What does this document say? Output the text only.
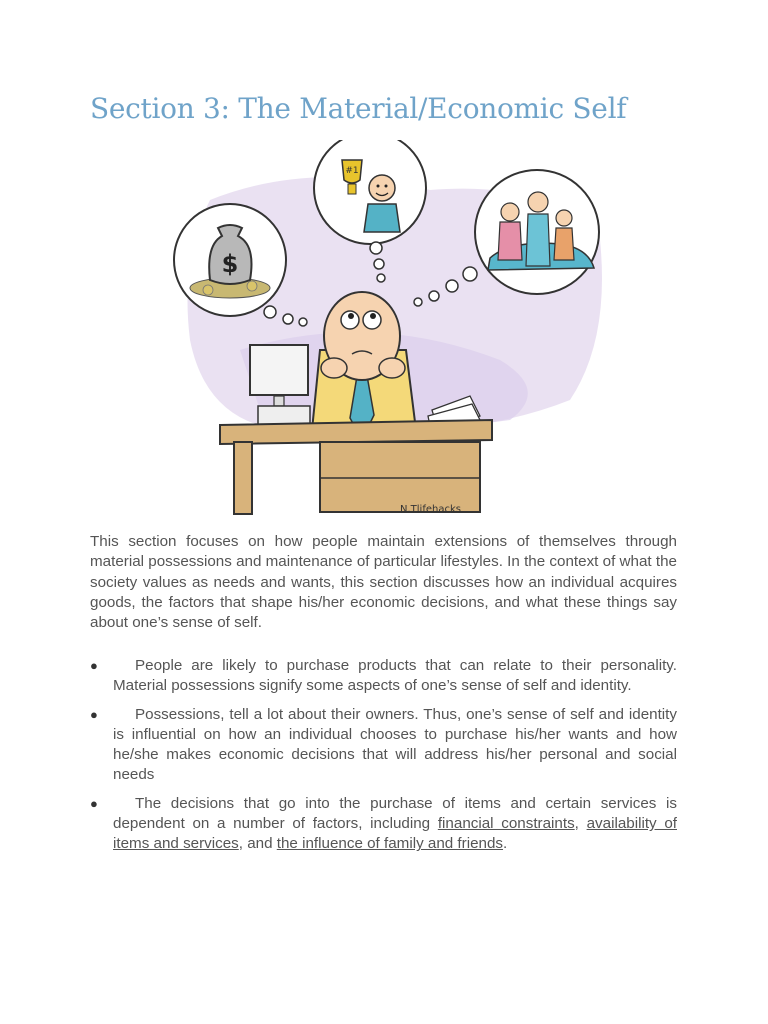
Section 3: The Material/Economic Self
$
#1
N.Tlifehacks

This section focuses on how people maintain extensions of themselves through material possessions and maintenance of particular lifestyles. In the context of what the society values as needs and wants, this section discusses how an individual acquires goods, the factors that shape his/her economic decisions, and what these things say about one’s sense of self.

● People are likely to purchase products that can relate to their personality. Material possessions signify some aspects of one’s sense of self and identity.
● Possessions, tell a lot about their owners. Thus, one’s sense of self and identity is influential on how an individual chooses to purchase his/her wants and how he/she makes economic decisions that will address his/her personal and social needs
● The decisions that go into the purchase of items and certain services is dependent on a number of factors, including financial constraints, availability of items and services, and the influence of family and friends.
